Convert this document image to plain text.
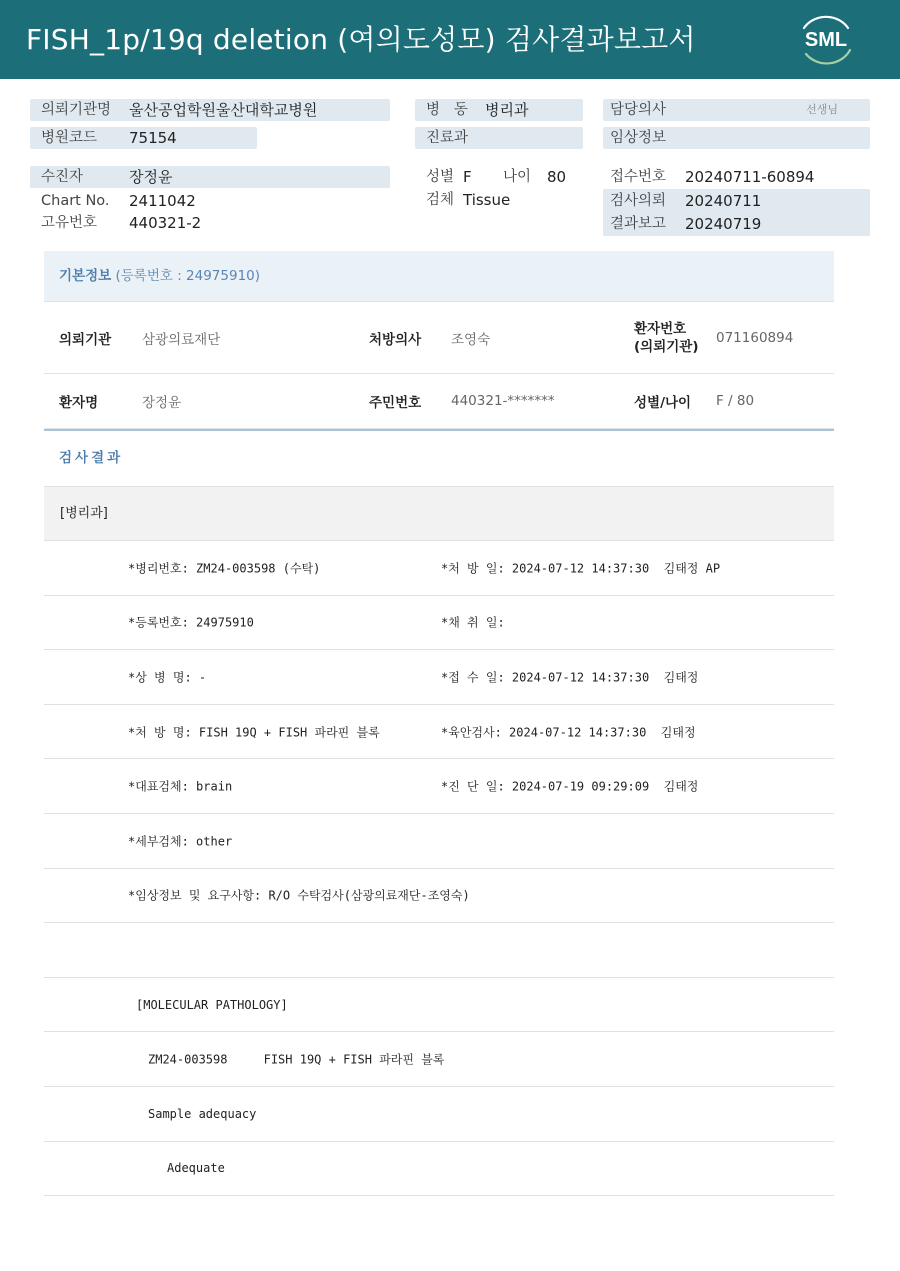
FISH_1p/19q deletion (여의도성모) 검사결과보고서	SML
의뢰기관명 울산공업학원울산대학교병원
병원코드 75154
수진자	장정윤
Chart No. 2411042
고유번호 440321-2
병   동 병리과
진료과
성별 F 나이 80
검체 Tissue
담당의사	선생님
임상정보
접수번호 20240711-60894
검사의뢰 20240711
결과보고 20240719
기본정보 (등록번호 : 24975910)
의뢰기관 삼광의료재단	처방의사 조영숙
환자번호
(의뢰기관)
071160894
환자명	장정윤	주민번호 440321-*******	성별/나이 F / 80
검사결과
[병리과]
*병리번호: ZM24-003598 (수탁)	*처 방 일: 2024-07-12 14:37:30  김태정 AP
*등록번호: 24975910	*채 취 일:
*상 병 명: -	*접 수 일: 2024-07-12 14:37:30  김태정
*처 방 명: FISH 19Q + FISH 파라핀 블록	*육안검사: 2024-07-12 14:37:30  김태정
*대표검체: brain	*진 단 일: 2024-07-19 09:29:09  김태정
*세부검체: other
*임상정보 및 요구사항: R/O 수탁검사(삼광의료재단-조영숙)
[MOLECULAR PATHOLOGY]
ZM24-003598     FISH 19Q + FISH 파라핀 블록
Sample adequacy
Adequate
